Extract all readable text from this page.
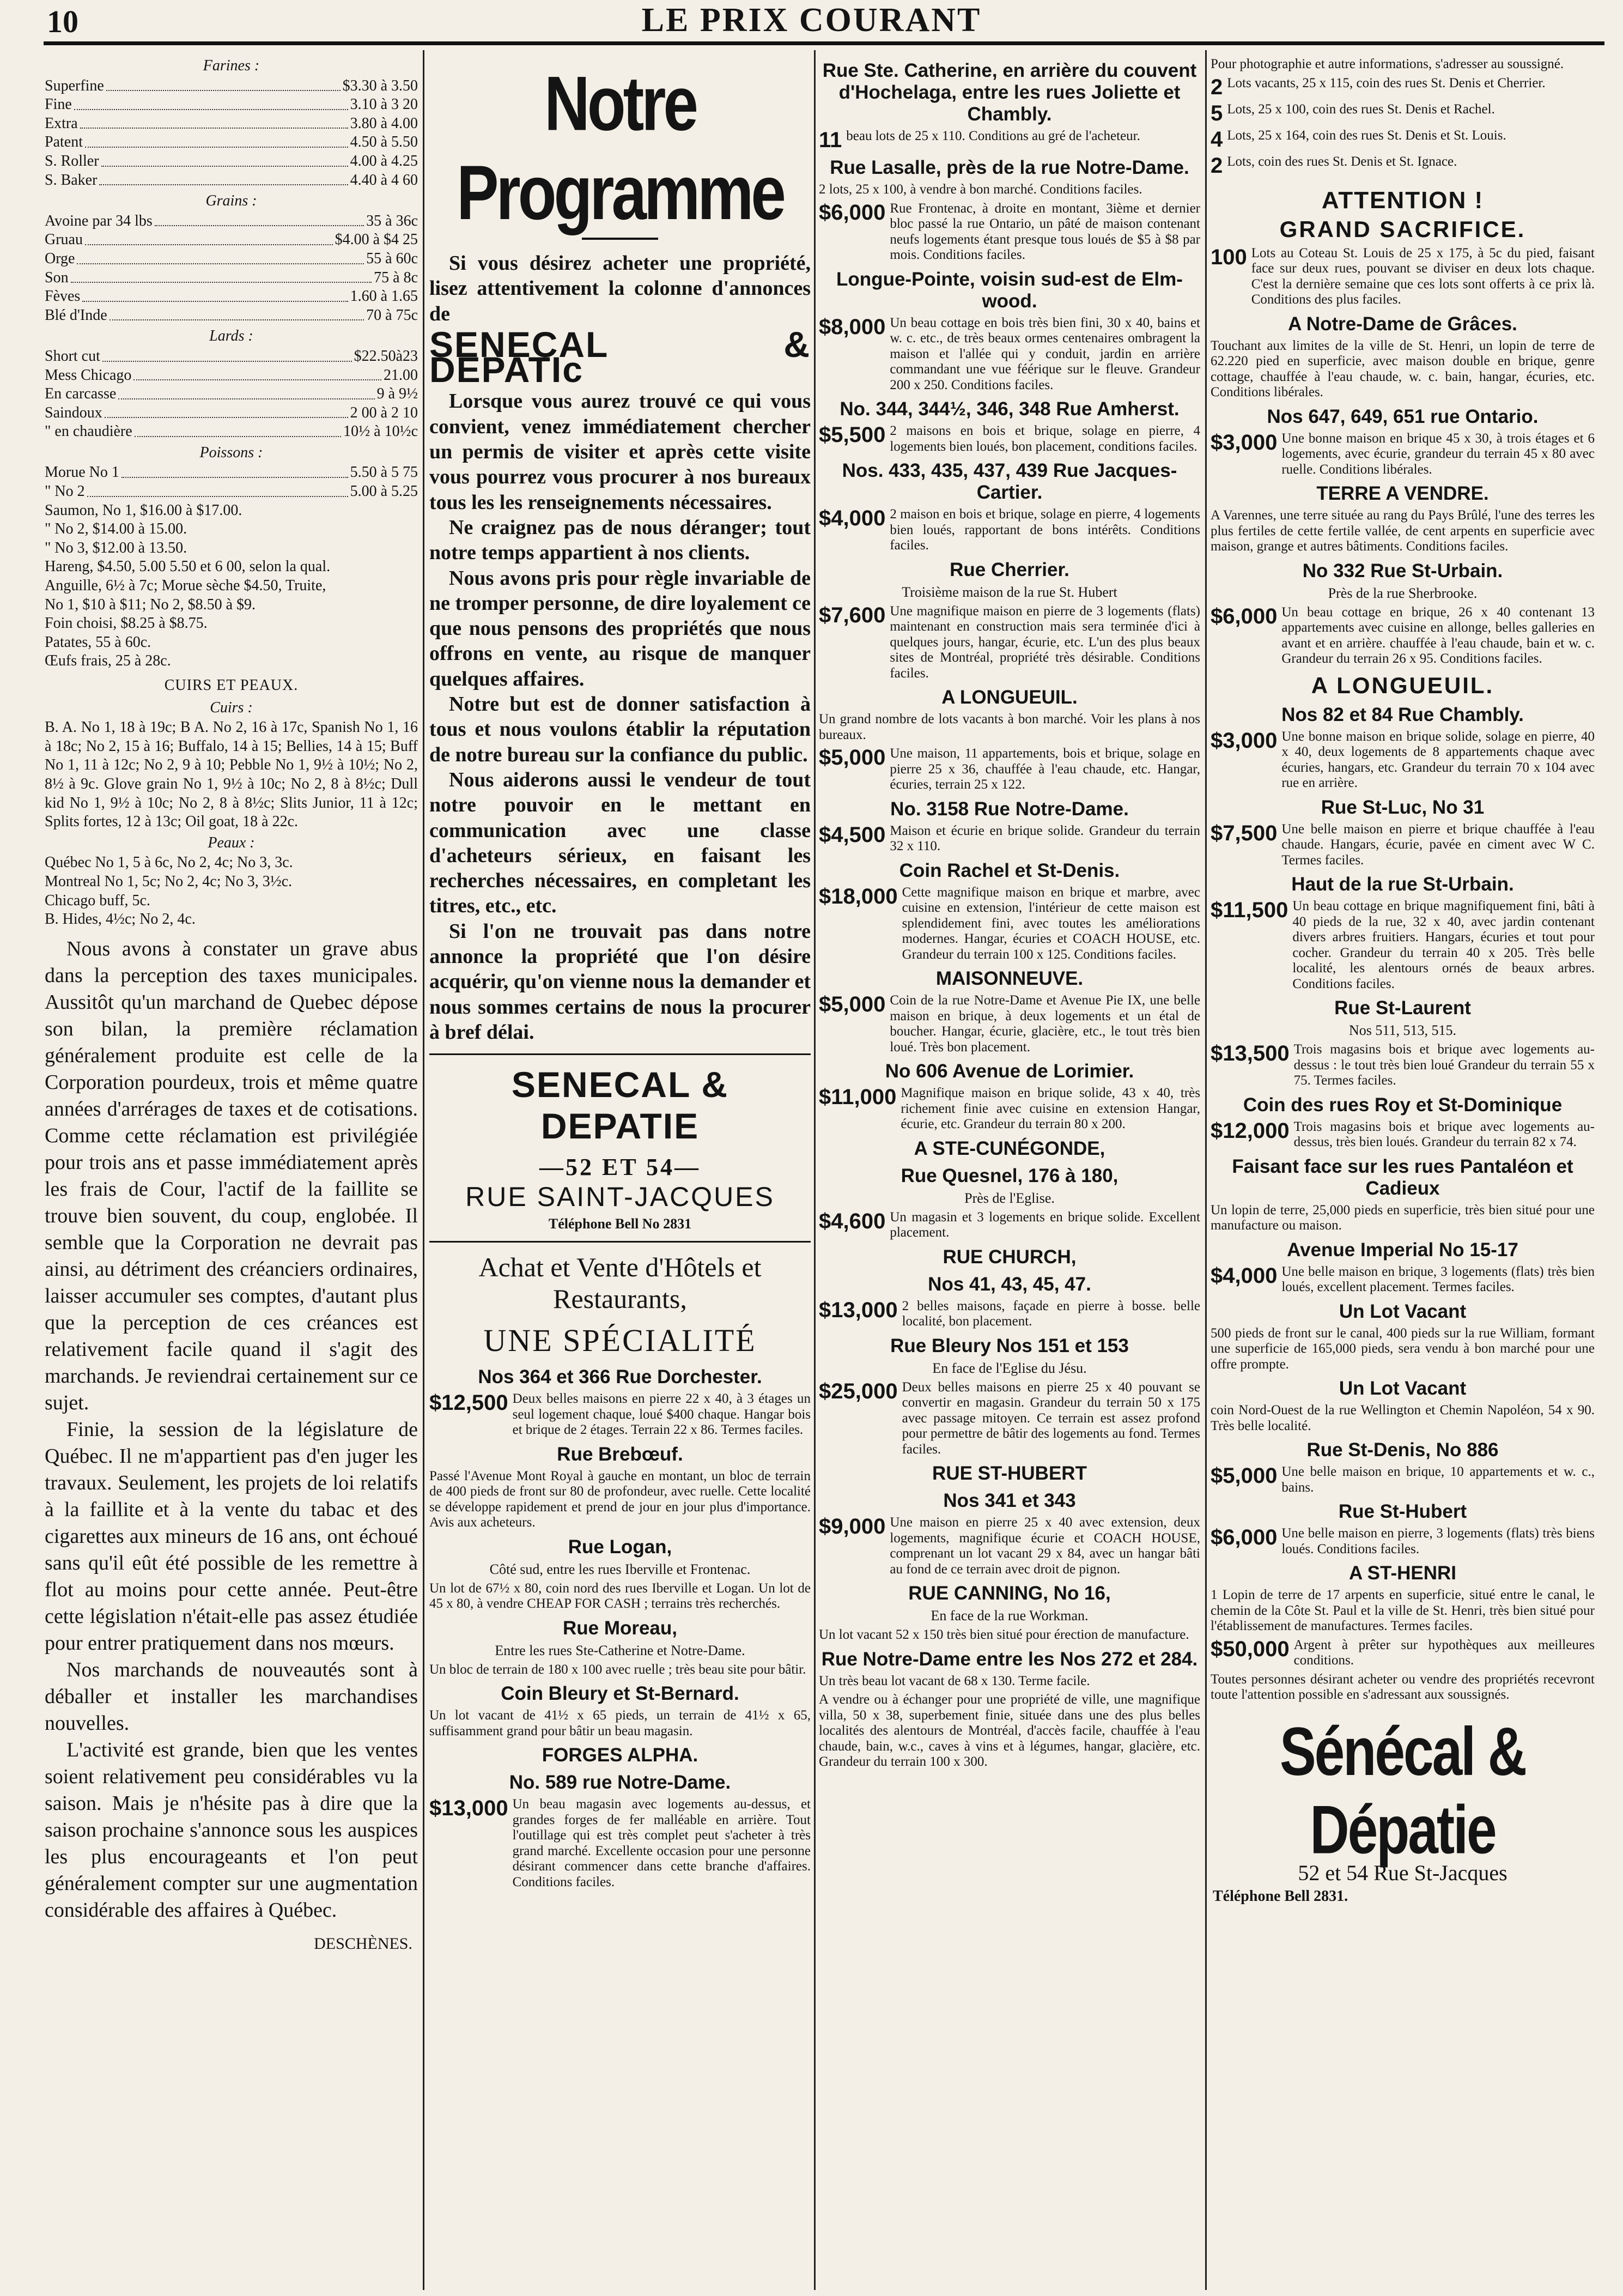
10	LE PRIX COURANT
Farines :
Superfine	$3.30 à 3.50
Fine	3.10 à 3 20
Extra	3.80 à 4.00
Patent	4.50 à 5.50
S. Roller	4.00 à 4.25
S. Baker	4.40 à 4 60
Grains :
Avoine par 34 lbs	35 à 36c
Gruau	$4.00 à $4 25
Orge	55 à 60c
Son	75 à 8c
Fèves	1.60 à 1.65
Blé d'Inde	70 à 75c
Lards :
Short cut	$22.50à23
Mess Chicago	21.00
En carcasse	9 à 9½
Saindoux	2 00 à 2 10
" en chaudière	10½ à 10½c
Poissons :
Morue No 1	5.50 à 5 75
" No 2	5.00 à 5.25
Saumon, No 1, $16.00 à $17.00.
" No 2, $14.00 à 15.00.
" No 3, $12.00 à 13.50.
Hareng, $4.50, 5.00 5.50 et 6 00, selon la qual.
Anguille, 6½ à 7c; Morue sèche $4.50, Truite,
No 1, $10 à $11; No 2, $8.50 à $9.
Foin choisi, $8.25 à $8.75.
Patates, 55 à 60c.
Œufs frais, 25 à 28c.
CUIRS ET PEAUX.
Cuirs :
B. A. No 1, 18 à 19c; B A. No 2, 16 à 17c, Spanish No 1, 16 à 18c; No 2, 15 à 16; Buffalo, 14 à 15; Bellies, 14 à 15; Buff No 1, 11 à 12c; No 2, 9 à 10; Pebble No 1, 9½ à 10½; No 2, 8½ à 9c. Glove grain No 1, 9½ à 10c; No 2, 8 à 8½c; Dull kid No 1, 9½ à 10c; No 2, 8 à 8½c; Slits Junior, 11 à 12c; Splits fortes, 12 à 13c; Oil goat, 18 à 22c.
Peaux :
Québec No 1, 5 à 6c, No 2, 4c; No 3, 3c.
Montreal No 1, 5c; No 2, 4c; No 3, 3½c.
Chicago buff, 5c.
B. Hides, 4½c; No 2, 4c.

Nous avons à constater un grave abus dans la perception des taxes municipales. Aussitôt qu'un marchand de Quebec dépose son bilan, la première réclamation généralement produite est celle de la Corporation pourdeux, trois et même quatre années d'arrérages de taxes et de cotisations. Comme cette réclamation est privilégiée pour trois ans et passe immédiatement après les frais de Cour, l'actif de la faillite se trouve bien souvent, du coup, englobée. Il semble que la Corporation ne devrait pas ainsi, au détriment des créanciers ordinaires, laisser accumuler ses comptes, d'autant plus que la perception de ces créances est relativement facile quand il s'agit des marchands. Je reviendrai certainement sur ce sujet.

Finie, la session de la législature de Québec. Il ne m'appartient pas d'en juger les travaux. Seulement, les projets de loi relatifs à la faillite et à la vente du tabac et des cigarettes aux mineurs de 16 ans, ont échoué sans qu'il eût été possible de les remettre à flot au moins pour cette année. Peut-être cette législation n'était-elle pas assez étudiée pour entrer pratiquement dans nos mœurs.

Nos marchands de nouveautés sont à déballer et installer les marchandises nouvelles.

L'activité est grande, bien que les ventes soient relativement peu considérables vu la saison. Mais je n'hésite pas à dire que la saison prochaine s'annonce sous les auspices les plus encourageants et l'on peut généralement compter sur une augmentation considérable des affaires à Québec.

DESCHÈNES.
Notre Programme

Si vous désirez acheter une propriété, lisez attentivement la colonne d'annonces de

SENECAL & DEPATIc

Lorsque vous aurez trouvé ce qui vous convient, venez immédiatement chercher un permis de visiter et après cette visite vous pourrez vous procurer à nos bureaux tous les les renseignements nécessaires.

Ne craignez pas de nous déranger; tout notre temps appartient à nos clients.

Nous avons pris pour règle invariable de ne tromper personne, de dire loyalement ce que nous pensons des propriétés que nous offrons en vente, au risque de manquer quelques affaires.

Notre but est de donner satisfaction à tous et nous voulons établir la réputation de notre bureau sur la confiance du public.

Nous aiderons aussi le vendeur de tout notre pouvoir en le mettant en communication avec une classe d'acheteurs sérieux, en faisant les recherches nécessaires, en completant les titres, etc., etc.

Si l'on ne trouvait pas dans notre annonce la propriété que l'on désire acquérir, qu'on vienne nous la demander et nous sommes certains de nous la procurer à bref délai.

SENECAL & DEPATIE
—52 ET 54—
RUE SAINT-JACQUES
Téléphone Bell No 2831
Achat et Vente d'Hôtels et Restaurants,
UNE SPÉCIALITÉ
Nos 364 et 366 Rue Dorchester.
$12,500 Deux belles maisons en pierre 22 x 40, à 3 étages un seul logement chaque, loué $400 chaque. Hangar bois et brique de 2 étages. Terrain 22 x 86. Termes faciles.
Rue Brebœuf.
Passé l'Avenue Mont Royal à gauche en montant, un bloc de terrain de 400 pieds de front sur 80 de profondeur, avec ruelle. Cette localité se développe rapidement et prend de jour en jour plus d'importance. Avis aux acheteurs.
Rue Logan,
Côté sud, entre les rues Iberville et Frontenac.
Un lot de 67½ x 80, coin nord des rues Iberville et Logan. Un lot de 45 x 80, à vendre CHEAP FOR CASH ; terrains très recherchés.
Rue Moreau,
Entre les rues Ste-Catherine et Notre-Dame.
Un bloc de terrain de 180 x 100 avec ruelle ; très beau site pour bâtir.
Coin Bleury et St-Bernard.
Un lot vacant de 41½ x 65 pieds, un terrain de 41½ x 65, suffisamment grand pour bâtir un beau magasin.
FORGES ALPHA.
No. 589 rue Notre-Dame.
$13,000 Un beau magasin avec logements au-dessus, et grandes forges de fer malléable en arrière. Tout l'outillage qui est très complet peut s'acheter à très grand marché. Excellente occasion pour une personne désirant commencer dans cette branche d'affaires. Conditions faciles.
Rue Ste. Catherine, en arrière du couvent d'Hochelaga, entre les rues Joliette et Chambly.
11 beau lots de 25 x 110. Conditions au gré de l'acheteur.
Rue Lasalle, près de la rue Notre-Dame.
2 lots, 25 x 100, à vendre à bon marché. Conditions faciles.
$6,000 Rue Frontenac, à droite en montant, 3ième et dernier bloc passé la rue Ontario, un pâté de maison contenant neufs logements étant presque tous loués de $5 à $8 par mois. Conditions faciles.
Longue-Pointe, voisin sud-est de Elm-wood.
$8,000 Un beau cottage en bois très bien fini, 30 x 40, bains et w. c. etc., de très beaux ormes centenaires ombragent la maison et l'allée qui y conduit, jardin en arrière commandant une vue féérique sur le fleuve. Grandeur 200 x 250. Conditions faciles.
No. 344, 344½, 346, 348 Rue Amherst.
$5,500 2 maisons en bois et brique, solage en pierre, 4 logements bien loués, bon placement, conditions faciles.
Nos. 433, 435, 437, 439 Rue Jacques-Cartier.
$4,000 2 maison en bois et brique, solage en pierre, 4 logements bien loués, rapportant de bons intérêts. Conditions faciles.
Rue Cherrier.
Troisième maison de la rue St. Hubert
$7,600 Une magnifique maison en pierre de 3 logements (flats) maintenant en construction mais sera terminée d'ici à quelques jours, hangar, écurie, etc. L'un des plus beaux sites de Montréal, propriété très désirable. Conditions faciles.
A LONGUEUIL.
Un grand nombre de lots vacants à bon marché. Voir les plans à nos bureaux.
$5,000 Une maison, 11 appartements, bois et brique, solage en pierre 25 x 36, chauffée à l'eau chaude, etc. Hangar, écuries, terrain 25 x 122.
No. 3158 Rue Notre-Dame.
$4,500 Maison et écurie en brique solide. Grandeur du terrain 32 x 110.
Coin Rachel et St-Denis.
$18,000 Cette magnifique maison en brique et marbre, avec cuisine en extension, l'intérieur de cette maison est splendidement fini, avec toutes les améliorations modernes. Hangar, écuries et COACH HOUSE, etc. Grandeur du terrain 100 x 125. Conditions faciles.
MAISONNEUVE.
$5,000 Coin de la rue Notre-Dame et Avenue Pie IX, une belle maison en brique, à deux logements et un étal de boucher. Hangar, écurie, glacière, etc., le tout très bien loué. Très bon placement.
No 606 Avenue de Lorimier.
$11,000 Magnifique maison en brique solide, 43 x 40, très richement finie avec cuisine en extension Hangar, écurie, etc. Grandeur du terrain 80 x 200.
A STE-CUNÉGONDE,
Rue Quesnel, 176 à 180,
Près de l'Eglise.
$4,600 Un magasin et 3 logements en brique solide. Excellent placement.
RUE CHURCH,
Nos 41, 43, 45, 47.
$13,000 2 belles maisons, façade en pierre à bosse. belle localité, bon placement.
Rue Bleury Nos 151 et 153
En face de l'Eglise du Jésu.
$25,000 Deux belles maisons en pierre 25 x 40 pouvant se convertir en magasin. Grandeur du terrain 50 x 175 avec passage mitoyen. Ce terrain est assez profond pour permettre de bâtir des logements au fond. Termes faciles.
RUE ST-HUBERT
Nos 341 et 343
$9,000 Une maison en pierre 25 x 40 avec extension, deux logements, magnifique écurie et COACH HOUSE, comprenant un lot vacant 29 x 84, avec un hangar bâti au fond de ce terrain avec droit de pignon.
RUE CANNING, No 16,
En face de la rue Workman.
Un lot vacant 52 x 150 très bien situé pour érection de manufacture.
Rue Notre-Dame entre les Nos 272 et 284.
Un très beau lot vacant de 68 x 130. Terme facile.
A vendre ou à échanger pour une propriété de ville, une magnifique villa, 50 x 38, superbement finie, située dans une des plus belles localités des alentours de Montréal, d'accès facile, chauffée à l'eau chaude, bain, w.c., caves à vins et à légumes, hangar, glacière, etc. Grandeur du terrain 100 x 300.
Pour photographie et autre informations, s'adresser au soussigné.
2 Lots vacants, 25 x 115, coin des rues St. Denis et Cherrier.
5 Lots, 25 x 100, coin des rues St. Denis et Rachel.
4 Lots, 25 x 164, coin des rues St. Denis et St. Louis.
2 Lots, coin des rues St. Denis et St. Ignace.
ATTENTION !
GRAND SACRIFICE.
100 Lots au Coteau St. Louis de 25 x 175, à 5c du pied, faisant face sur deux rues, pouvant se diviser en deux lots chaque. C'est la dernière semaine que ces lots sont offerts à ce prix là. Conditions des plus faciles.
A Notre-Dame de Grâces.
Touchant aux limites de la ville de St. Henri, un lopin de terre de 62.220 pied en superficie, avec maison double en brique, genre cottage, chauffée à l'eau chaude, w. c. bain, hangar, écuries, etc. Conditions libérales.
Nos 647, 649, 651 rue Ontario.
$3,000 Une bonne maison en brique 45 x 30, à trois étages et 6 logements, avec écurie, grandeur du terrain 45 x 80 avec ruelle. Conditions libérales.
TERRE A VENDRE.
A Varennes, une terre située au rang du Pays Brûlé, l'une des terres les plus fertiles de cette fertile vallée, de cent arpents en superficie avec maison, grange et autres bâtiments. Conditions faciles.
No 332 Rue St-Urbain.
Près de la rue Sherbrooke.
$6,000 Un beau cottage en brique, 26 x 40 contenant 13 appartements avec cuisine en allonge, belles galleries en avant et en arrière. chauffée à l'eau chaude, bain et w. c. Grandeur du terrain 26 x 95. Conditions faciles.
A LONGUEUIL.
Nos 82 et 84 Rue Chambly.
$3,000 Une bonne maison en brique solide, solage en pierre, 40 x 40, deux logements de 8 appartements chaque avec écuries, hangars, etc. Grandeur du terrain 70 x 104 avec rue en arrière.
Rue St-Luc, No 31
$7,500 Une belle maison en pierre et brique chauffée à l'eau chaude. Hangars, écurie, pavée en ciment avec W C. Termes faciles.
Haut de la rue St-Urbain.
$11,500 Un beau cottage en brique magnifiquement fini, bâti à 40 pieds de la rue, 32 x 40, avec jardin contenant divers arbres fruitiers. Hangars, écuries et tout pour cocher. Grandeur du terrain 40 x 205. Très belle localité, les alentours ornés de beaux arbres. Conditions faciles.
Rue St-Laurent
Nos 511, 513, 515.
$13,500 Trois magasins bois et brique avec logements au-dessus : le tout très bien loué Grandeur du terrain 55 x 75. Termes faciles.
Coin des rues Roy et St-Dominique
$12,000 Trois magasins bois et brique avec logements au-dessus, très bien loués. Grandeur du terrain 82 x 74.
Faisant face sur les rues Pantaléon et Cadieux
Un lopin de terre, 25,000 pieds en superficie, très bien situé pour une manufacture ou maison.
Avenue Imperial No 15-17
$4,000 Une belle maison en brique, 3 logements (flats) très bien loués, excellent placement. Termes faciles.
Un Lot Vacant
500 pieds de front sur le canal, 400 pieds sur la rue William, formant une superficie de 165,000 pieds, sera vendu à bon marché pour une offre prompte.
Un Lot Vacant
coin Nord-Ouest de la rue Wellington et Chemin Napoléon, 54 x 90. Très belle localité.
Rue St-Denis, No 886
$5,000 Une belle maison en brique, 10 appartements et w. c., bains.
Rue St-Hubert
$6,000 Une belle maison en pierre, 3 logements (flats) très biens loués. Conditions faciles.
A ST-HENRI
1 Lopin de terre de 17 arpents en superficie, situé entre le canal, le chemin de la Côte St. Paul et la ville de St. Henri, très bien situé pour l'établissement de manufactures. Termes faciles.
$50,000 Argent à prêter sur hypothèques aux meilleures conditions.
Toutes personnes désirant acheter ou vendre des propriétés recevront toute l'attention possible en s'adressant aux soussignés.
Sénécal & Dépatie
52 et 54 Rue St-Jacques
Téléphone Bell 2831.
